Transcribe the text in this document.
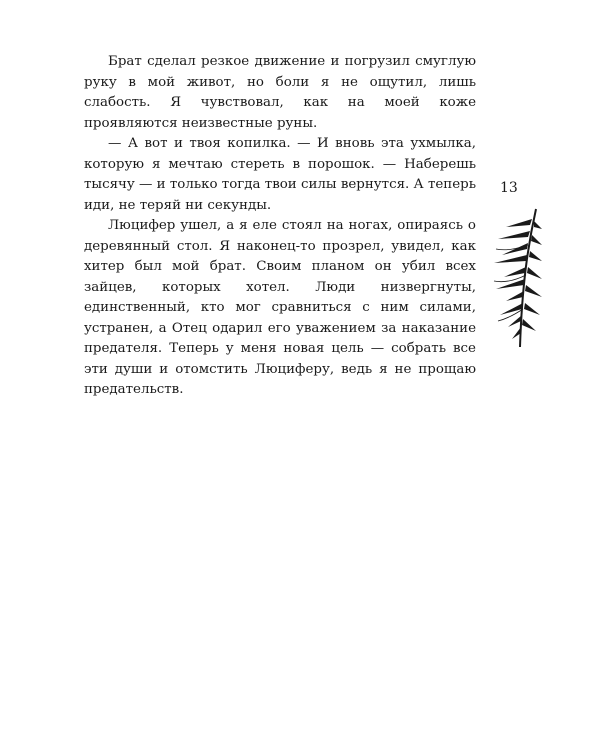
Брат сделал резкое движение и погрузил смуглую руку в мой живот, но боли я не ощутил, лишь слабость. Я чувствовал, как на моей коже проявляются неизвестные руны.

— А вот и твоя копилка. — И вновь эта ухмылка, которую я мечтаю стереть в порошок. — Наберешь тысячу — и только тогда твои силы вернутся. А теперь иди, не теряй ни секунды.

Люцифер ушел, а я еле стоял на ногах, опираясь о деревянный стол. Я наконец-то прозрел, увидел, как хитер был мой брат. Своим планом он убил всех зайцев, которых хотел. Люди низвергнуты, единственный, кто мог сравниться с ним силами, устранен, а Отец одарил его уважением за наказание предателя. Теперь у меня новая цель — собрать все эти души и отомстить Люциферу, ведь я не прощаю предательств.

13
